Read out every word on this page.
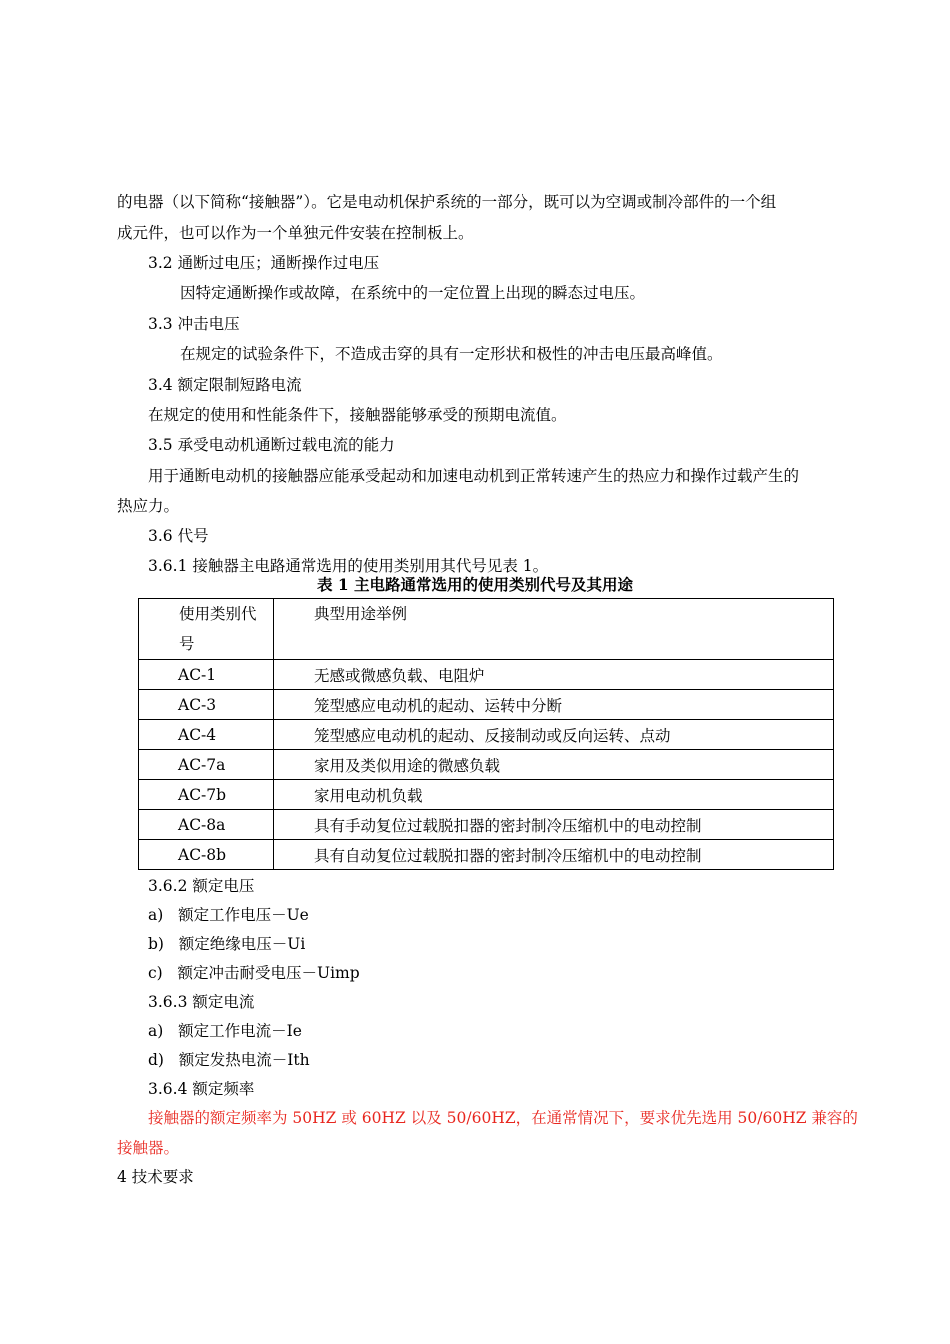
的电器（以下简称“接触器”）。它是电动机保护系统的一部分，既可以为空调或制冷部件的一个组
成元件，也可以作为一个单独元件安装在控制板上。
3.2 通断过电压；通断操作过电压
因特定通断操作或故障，在系统中的一定位置上出现的瞬态过电压。
3.3 冲击电压
在规定的试验条件下，不造成击穿的具有一定形状和极性的冲击电压最高峰值。
3.4 额定限制短路电流
在规定的使用和性能条件下，接触器能够承受的预期电流值。
3.5 承受电动机通断过载电流的能力
用于通断电动机的接触器应能承受起动和加速电动机到正常转速产生的热应力和操作过载产生的
热应力。
3.6 代号
3.6.1 接触器主电路通常选用的使用类别用其代号见表 1。
表 1 主电路通常选用的使用类别代号及其用途
使用类别代号	典型用途举例
AC-1	无感或微感负载、电阻炉
AC-3	笼型感应电动机的起动、运转中分断
AC-4	笼型感应电动机的起动、反接制动或反向运转、点动
AC-7a	家用及类似用途的微感负载
AC-7b	家用电动机负载
AC-8a	具有手动复位过载脱扣器的密封制冷压缩机中的电动控制
AC-8b	具有自动复位过载脱扣器的密封制冷压缩机中的电动控制
3.6.2 额定电压
a)   额定工作电压－Ue
b)   额定绝缘电压－Ui
c)   额定冲击耐受电压－Uimp
3.6.3 额定电流
a)   额定工作电流－Ie
d)   额定发热电流－Ith
3.6.4 额定频率
接触器的额定频率为 50HZ 或 60HZ 以及 50/60HZ，在通常情况下，要求优先选用 50/60HZ 兼容的
接触器。
4 技术要求
